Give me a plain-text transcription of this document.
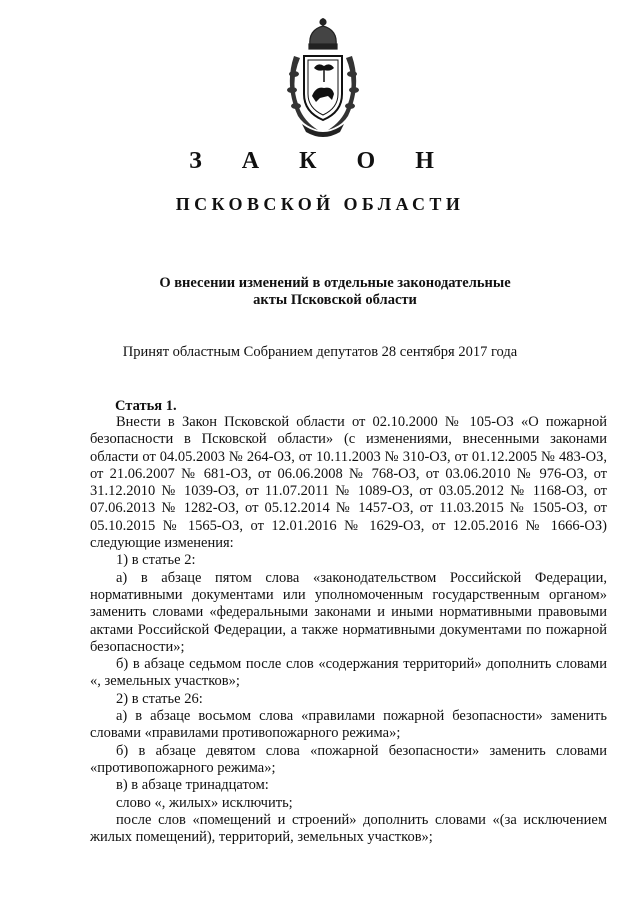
З А К О Н
ПСКОВСКОЙ ОБЛАСТИ
О внесении изменений в отдельные законодательные
акты Псковской области
Принят областным Собранием депутатов 28 сентября 2017 года
Статья 1.

Внести в Закон Псковской области от 02.10.2000 № 105-ОЗ «О пожарной безопасности в Псковской области» (с изменениями, внесенными законами области от 04.05.2003 № 264-ОЗ, от 10.11.2003 № 310-ОЗ, от 01.12.2005 № 483-ОЗ, от 21.06.2007 № 681-ОЗ, от 06.06.2008 № 768-ОЗ, от 03.06.2010 № 976-ОЗ, от 31.12.2010 № 1039-ОЗ, от 11.07.2011 № 1089-ОЗ, от 03.05.2012 № 1168-ОЗ, от 07.06.2013 № 1282-ОЗ, от 05.12.2014 № 1457-ОЗ, от 11.03.2015 № 1505-ОЗ, от 05.10.2015 № 1565-ОЗ, от 12.01.2016 № 1629-ОЗ, от 12.05.2016 № 1666-ОЗ) следующие изменения:

1) в статье 2:

а) в абзаце пятом слова «законодательством Российской Федерации, нормативными документами или уполномоченным государственным органом» заменить словами «федеральными законами и иными нормативными правовыми актами Российской Федерации, а также нормативными документами по пожарной безопасности»;

б) в абзаце седьмом после слов «содержания территорий» дополнить словами «, земельных участков»;

2) в статье 26:

а) в абзаце восьмом слова «правилами пожарной безопасности» заменить словами «правилами противопожарного режима»;

б) в абзаце девятом слова «пожарной безопасности» заменить словами «противопожарного режима»;

в) в абзаце тринадцатом:

слово «, жилых» исключить;

после слов «помещений и строений» дополнить словами «(за исключением жилых помещений), территорий, земельных участков»;
